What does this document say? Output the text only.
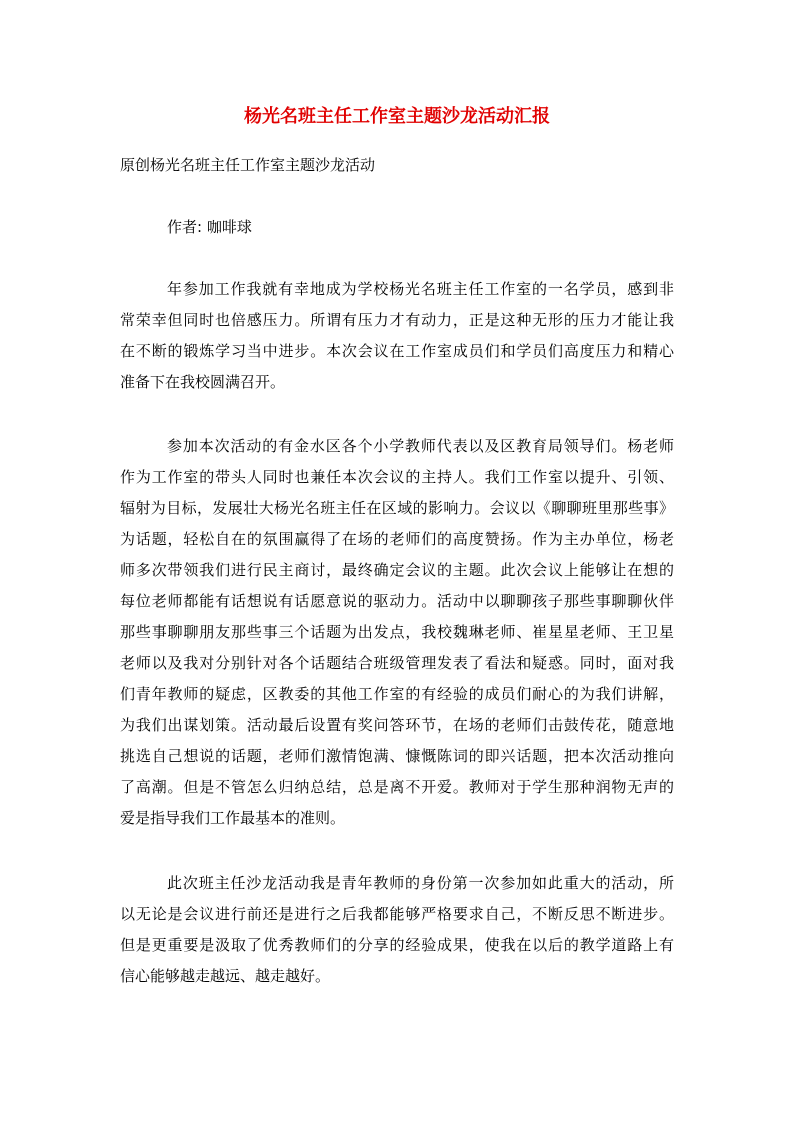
杨光名班主任工作室主题沙龙活动汇报

原创杨光名班主任工作室主题沙龙活动

作者: 咖啡球

年参加工作我就有幸地成为学校杨光名班主任工作室的一名学员，感到非
常荣幸但同时也倍感压力。所谓有压力才有动力，正是这种无形的压力才能让我
在不断的锻炼学习当中进步。本次会议在工作室成员们和学员们高度压力和精心
准备下在我校圆满召开。
参加本次活动的有金水区各个小学教师代表以及区教育局领导们。杨老师
作为工作室的带头人同时也兼任本次会议的主持人。我们工作室以提升、引领、
辐射为目标，发展壮大杨光名班主任在区域的影响力。会议以《聊聊班里那些事》
为话题，轻松自在的氛围赢得了在场的老师们的高度赞扬。作为主办单位，杨老
师多次带领我们进行民主商讨，最终确定会议的主题。此次会议上能够让在想的
每位老师都能有话想说有话愿意说的驱动力。活动中以聊聊孩子那些事聊聊伙伴
那些事聊聊朋友那些事三个话题为出发点，我校魏琳老师、崔星星老师、王卫星
老师以及我对分别针对各个话题结合班级管理发表了看法和疑惑。同时，面对我
们青年教师的疑虑，区教委的其他工作室的有经验的成员们耐心的为我们讲解，
为我们出谋划策。活动最后设置有奖问答环节，在场的老师们击鼓传花，随意地
挑选自己想说的话题，老师们激情饱满、慷慨陈词的即兴话题，把本次活动推向
了高潮。但是不管怎么归纳总结，总是离不开爱。教师对于学生那种润物无声的
爱是指导我们工作最基本的准则。
此次班主任沙龙活动我是青年教师的身份第一次参加如此重大的活动，所
以无论是会议进行前还是进行之后我都能够严格要求自己，不断反思不断进步。
但是更重要是汲取了优秀教师们的分享的经验成果，使我在以后的教学道路上有
信心能够越走越远、越走越好。
